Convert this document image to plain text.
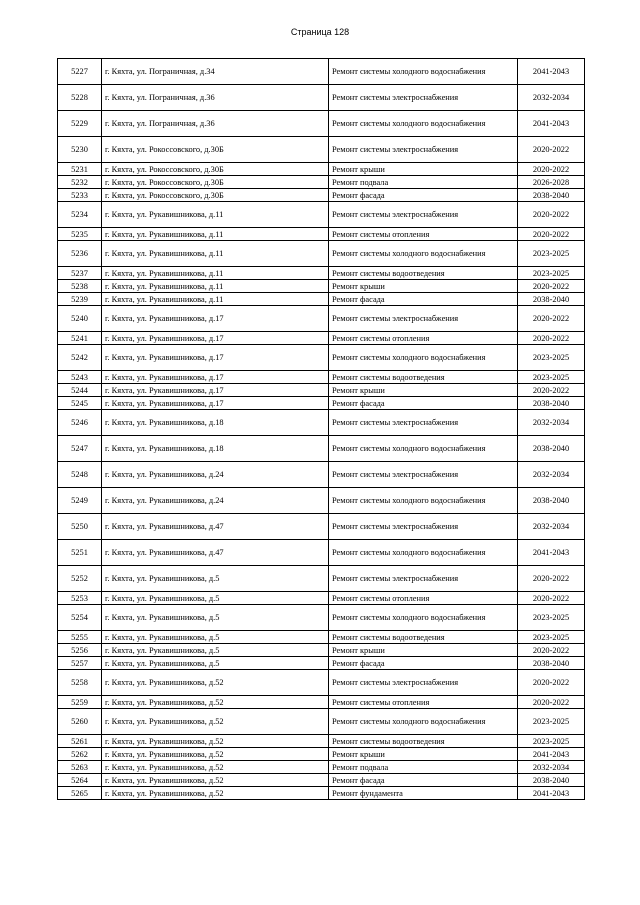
Страница 128
5227	г. Кяхта, ул. Пограничная, д.34	Ремонт системы холодного водоснабжения	2041-2043
5228	г. Кяхта, ул. Пограничная, д.36	Ремонт системы электроснабжения	2032-2034
5229	г. Кяхта, ул. Пограничная, д.36	Ремонт системы холодного водоснабжения	2041-2043
5230	г. Кяхта, ул. Рокоссовского, д.30Б	Ремонт системы электроснабжения	2020-2022
5231	г. Кяхта, ул. Рокоссовского, д.30Б	Ремонт крыши	2020-2022
5232	г. Кяхта, ул. Рокоссовского, д.30Б	Ремонт подвала	2026-2028
5233	г. Кяхта, ул. Рокоссовского, д.30Б	Ремонт фасада	2038-2040
5234	г. Кяхта, ул. Рукавишникова, д.11	Ремонт системы электроснабжения	2020-2022
5235	г. Кяхта, ул. Рукавишникова, д.11	Ремонт системы отопления	2020-2022
5236	г. Кяхта, ул. Рукавишникова, д.11	Ремонт системы холодного водоснабжения	2023-2025
5237	г. Кяхта, ул. Рукавишникова, д.11	Ремонт системы водоотведения	2023-2025
5238	г. Кяхта, ул. Рукавишникова, д.11	Ремонт крыши	2020-2022
5239	г. Кяхта, ул. Рукавишникова, д.11	Ремонт фасада	2038-2040
5240	г. Кяхта, ул. Рукавишникова, д.17	Ремонт системы электроснабжения	2020-2022
5241	г. Кяхта, ул. Рукавишникова, д.17	Ремонт системы отопления	2020-2022
5242	г. Кяхта, ул. Рукавишникова, д.17	Ремонт системы холодного водоснабжения	2023-2025
5243	г. Кяхта, ул. Рукавишникова, д.17	Ремонт системы водоотведения	2023-2025
5244	г. Кяхта, ул. Рукавишникова, д.17	Ремонт крыши	2020-2022
5245	г. Кяхта, ул. Рукавишникова, д.17	Ремонт фасада	2038-2040
5246	г. Кяхта, ул. Рукавишникова, д.18	Ремонт системы электроснабжения	2032-2034
5247	г. Кяхта, ул. Рукавишникова, д.18	Ремонт системы холодного водоснабжения	2038-2040
5248	г. Кяхта, ул. Рукавишникова, д.24	Ремонт системы электроснабжения	2032-2034
5249	г. Кяхта, ул. Рукавишникова, д.24	Ремонт системы холодного водоснабжения	2038-2040
5250	г. Кяхта, ул. Рукавишникова, д.47	Ремонт системы электроснабжения	2032-2034
5251	г. Кяхта, ул. Рукавишникова, д.47	Ремонт системы холодного водоснабжения	2041-2043
5252	г. Кяхта, ул. Рукавишникова, д.5	Ремонт системы электроснабжения	2020-2022
5253	г. Кяхта, ул. Рукавишникова, д.5	Ремонт системы отопления	2020-2022
5254	г. Кяхта, ул. Рукавишникова, д.5	Ремонт системы холодного водоснабжения	2023-2025
5255	г. Кяхта, ул. Рукавишникова, д.5	Ремонт системы водоотведения	2023-2025
5256	г. Кяхта, ул. Рукавишникова, д.5	Ремонт крыши	2020-2022
5257	г. Кяхта, ул. Рукавишникова, д.5	Ремонт фасада	2038-2040
5258	г. Кяхта, ул. Рукавишникова, д.52	Ремонт системы электроснабжения	2020-2022
5259	г. Кяхта, ул. Рукавишникова, д.52	Ремонт системы отопления	2020-2022
5260	г. Кяхта, ул. Рукавишникова, д.52	Ремонт системы холодного водоснабжения	2023-2025
5261	г. Кяхта, ул. Рукавишникова, д.52	Ремонт системы водоотведения	2023-2025
5262	г. Кяхта, ул. Рукавишникова, д.52	Ремонт крыши	2041-2043
5263	г. Кяхта, ул. Рукавишникова, д.52	Ремонт подвала	2032-2034
5264	г. Кяхта, ул. Рукавишникова, д.52	Ремонт фасада	2038-2040
5265	г. Кяхта, ул. Рукавишникова, д.52	Ремонт фундамента	2041-2043
